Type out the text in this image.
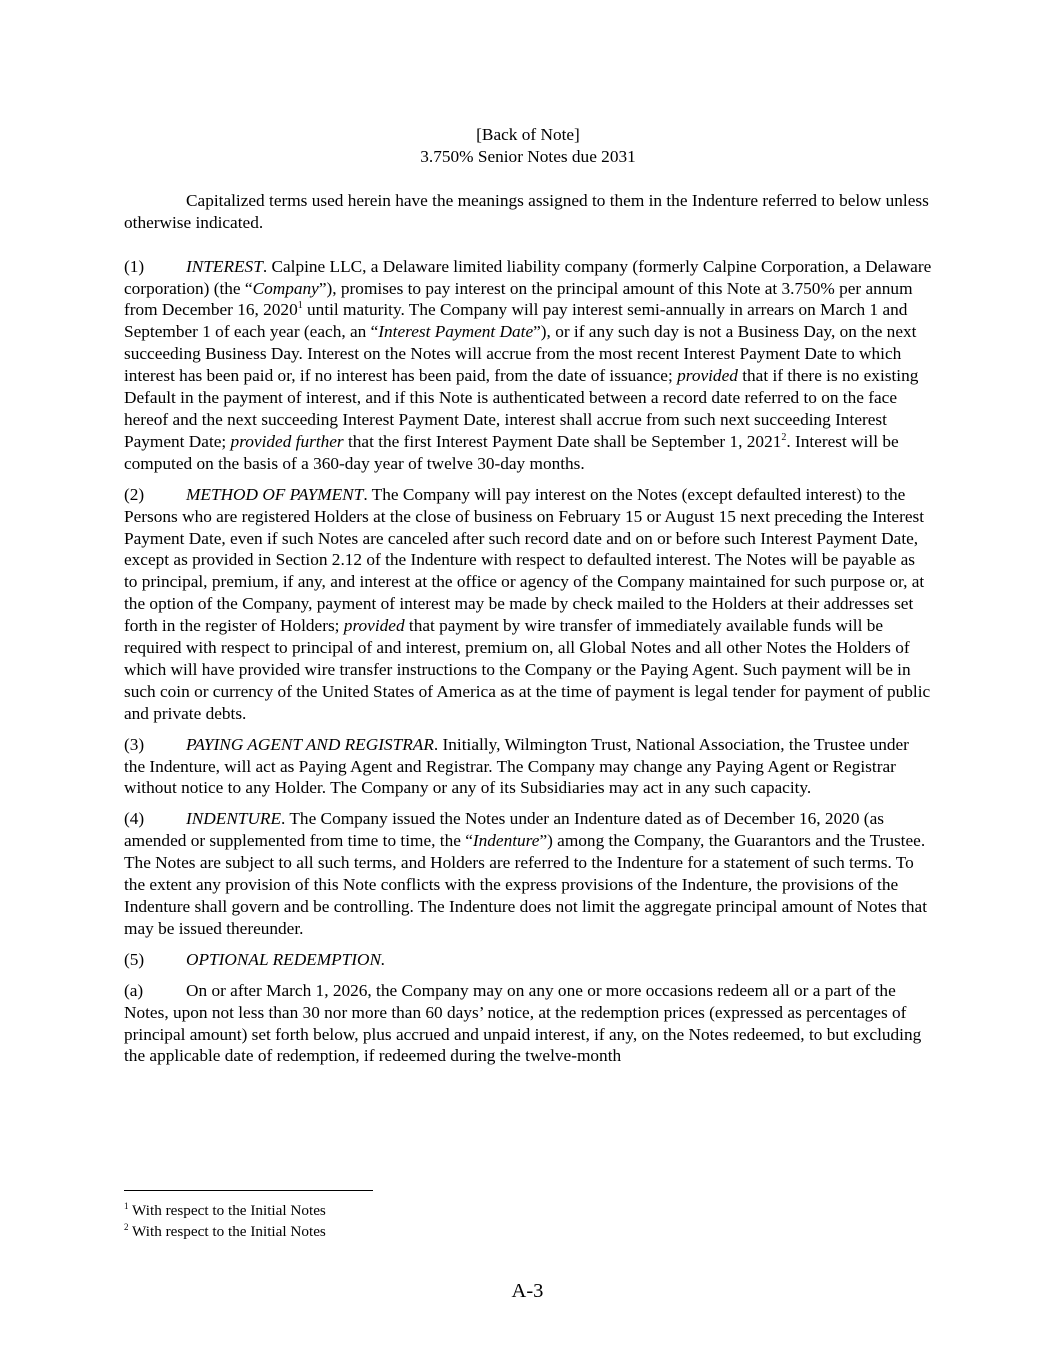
[Back of Note]

3.750% Senior Notes due 2031

Capitalized terms used herein have the meanings assigned to them in the Indenture referred to below unless otherwise indicated.

(1) INTEREST. Calpine LLC, a Delaware limited liability company (formerly Calpine Corporation, a Delaware corporation) (the “Company”), promises to pay interest on the principal amount of this Note at 3.750% per annum from December 16, 2020$^1$ until maturity. The Company will pay interest semi-annually in arrears on March 1 and September 1 of each year (each, an “Interest Payment Date”), or if any such day is not a Business Day, on the next succeeding Business Day. Interest on the Notes will accrue from the most recent Interest Payment Date to which interest has been paid or, if no interest has been paid, from the date of issuance; provided that if there is no existing Default in the payment of interest, and if this Note is authenticated between a record date referred to on the face hereof and the next succeeding Interest Payment Date, interest shall accrue from such next succeeding Interest Payment Date; provided further that the first Interest Payment Date shall be September 1, 2021$^2$. Interest will be computed on the basis of a 360-day year of twelve 30-day months.

(2) METHOD OF PAYMENT. The Company will pay interest on the Notes (except defaulted interest) to the Persons who are registered Holders at the close of business on February 15 or August 15 next preceding the Interest Payment Date, even if such Notes are canceled after such record date and on or before such Interest Payment Date, except as provided in Section 2.12 of the Indenture with respect to defaulted interest. The Notes will be payable as to principal, premium, if any, and interest at the office or agency of the Company maintained for such purpose or, at the option of the Company, payment of interest may be made by check mailed to the Holders at their addresses set forth in the register of Holders; provided that payment by wire transfer of immediately available funds will be required with respect to principal of and interest, premium on, all Global Notes and all other Notes the Holders of which will have provided wire transfer instructions to the Company or the Paying Agent. Such payment will be in such coin or currency of the United States of America as at the time of payment is legal tender for payment of public and private debts.

(3) PAYING AGENT AND REGISTRAR. Initially, Wilmington Trust, National Association, the Trustee under the Indenture, will act as Paying Agent and Registrar. The Company may change any Paying Agent or Registrar without notice to any Holder. The Company or any of its Subsidiaries may act in any such capacity.

(4) INDENTURE. The Company issued the Notes under an Indenture dated as of December 16, 2020 (as amended or supplemented from time to time, the “Indenture”) among the Company, the Guarantors and the Trustee. The Notes are subject to all such terms, and Holders are referred to the Indenture for a statement of such terms. To the extent any provision of this Note conflicts with the express provisions of the Indenture, the provisions of the Indenture shall govern and be controlling. The Indenture does not limit the aggregate principal amount of Notes that may be issued thereunder.

(5) OPTIONAL REDEMPTION.

(a) On or after March 1, 2026, the Company may on any one or more occasions redeem all or a part of the Notes, upon not less than 30 nor more than 60 days’ notice, at the redemption prices (expressed as percentages of principal amount) set forth below, plus accrued and unpaid interest, if any, on the Notes redeemed, to but excluding the applicable date of redemption, if redeemed during the twelve-month

$^1$ With respect to the Initial Notes

$^2$ With respect to the Initial Notes

A-3
